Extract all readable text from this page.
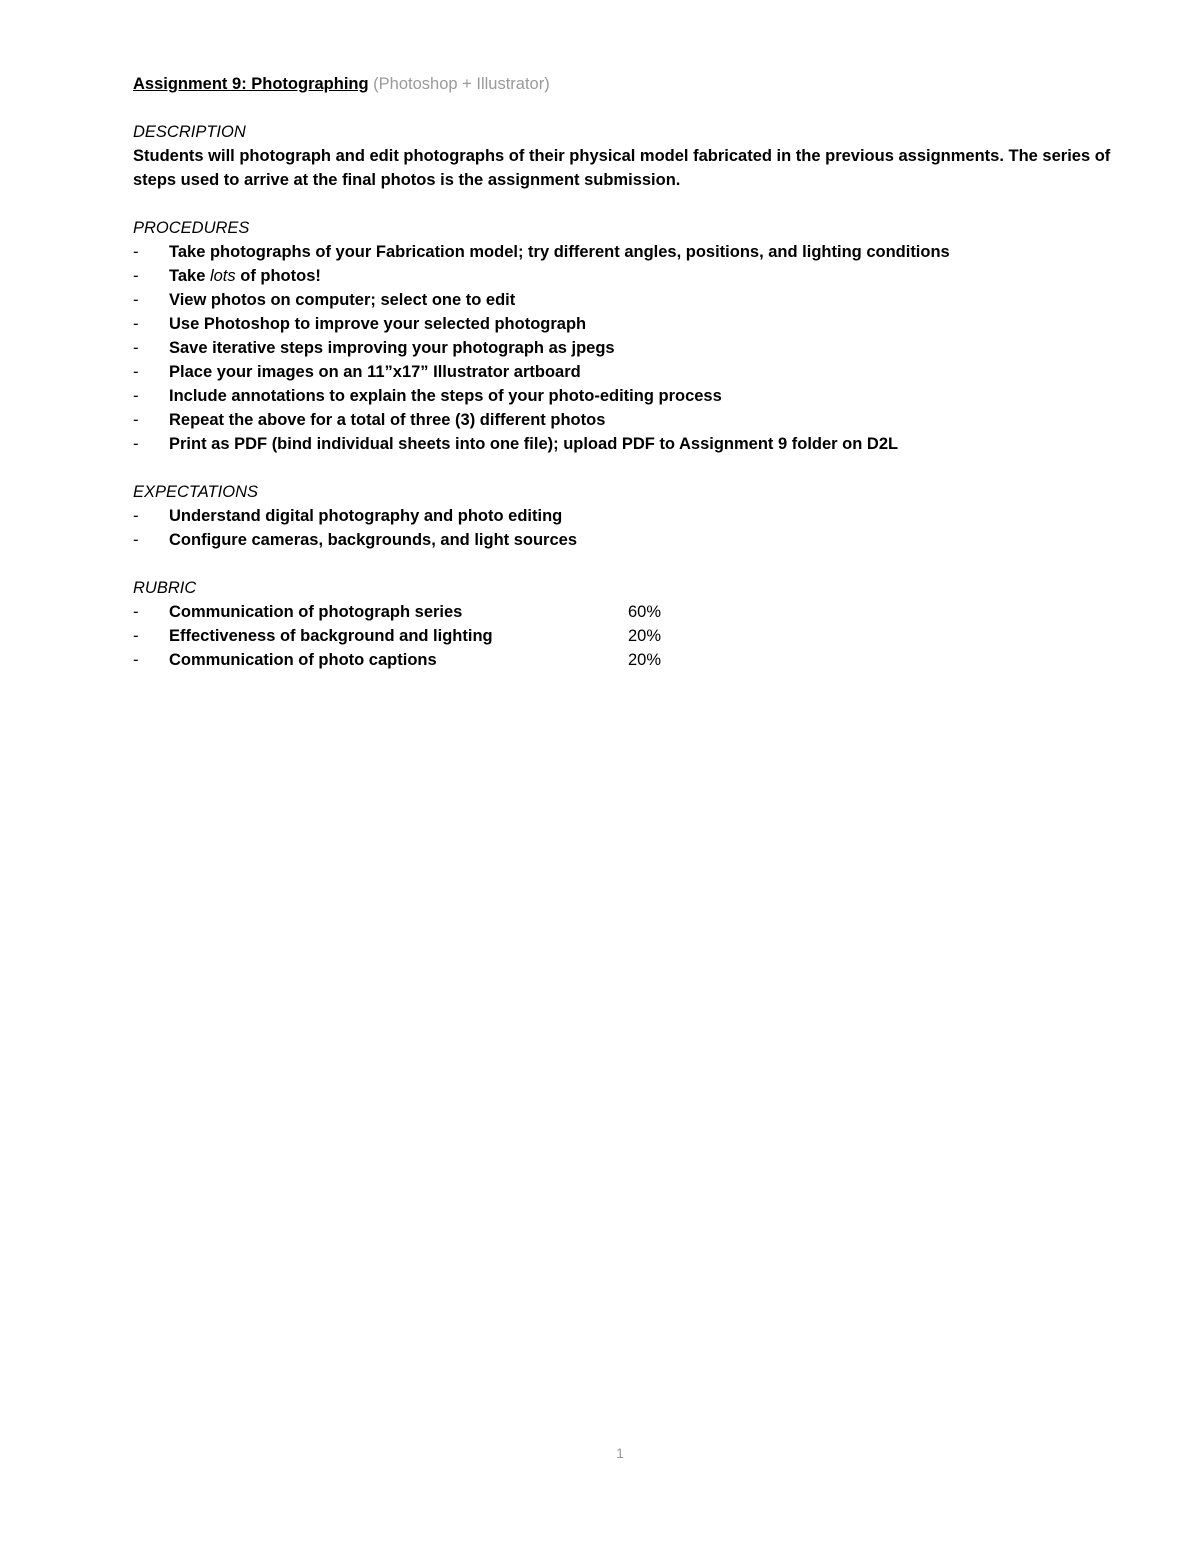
Assignment 9: Photographing (Photoshop + Illustrator)

DESCRIPTION

Students will photograph and edit photographs of their physical model fabricated in the previous assignments. The series of steps used to arrive at the final photos is the assignment submission.

PROCEDURES
- Take photographs of your Fabrication model; try different angles, positions, and lighting conditions
- Take lots of photos!
- View photos on computer; select one to edit
- Use Photoshop to improve your selected photograph
- Save iterative steps improving your photograph as jpegs
- Place your images on an 11”x17” Illustrator artboard
- Include annotations to explain the steps of your photo-editing process
- Repeat the above for a total of three (3) different photos
- Print as PDF (bind individual sheets into one file); upload PDF to Assignment 9 folder on D2L
EXPECTATIONS
- Understand digital photography and photo editing
- Configure cameras, backgrounds, and light sources
RUBRIC
- Communication of photograph series	60%
- Effectiveness of background and lighting	20%
- Communication of photo captions	20%
1
